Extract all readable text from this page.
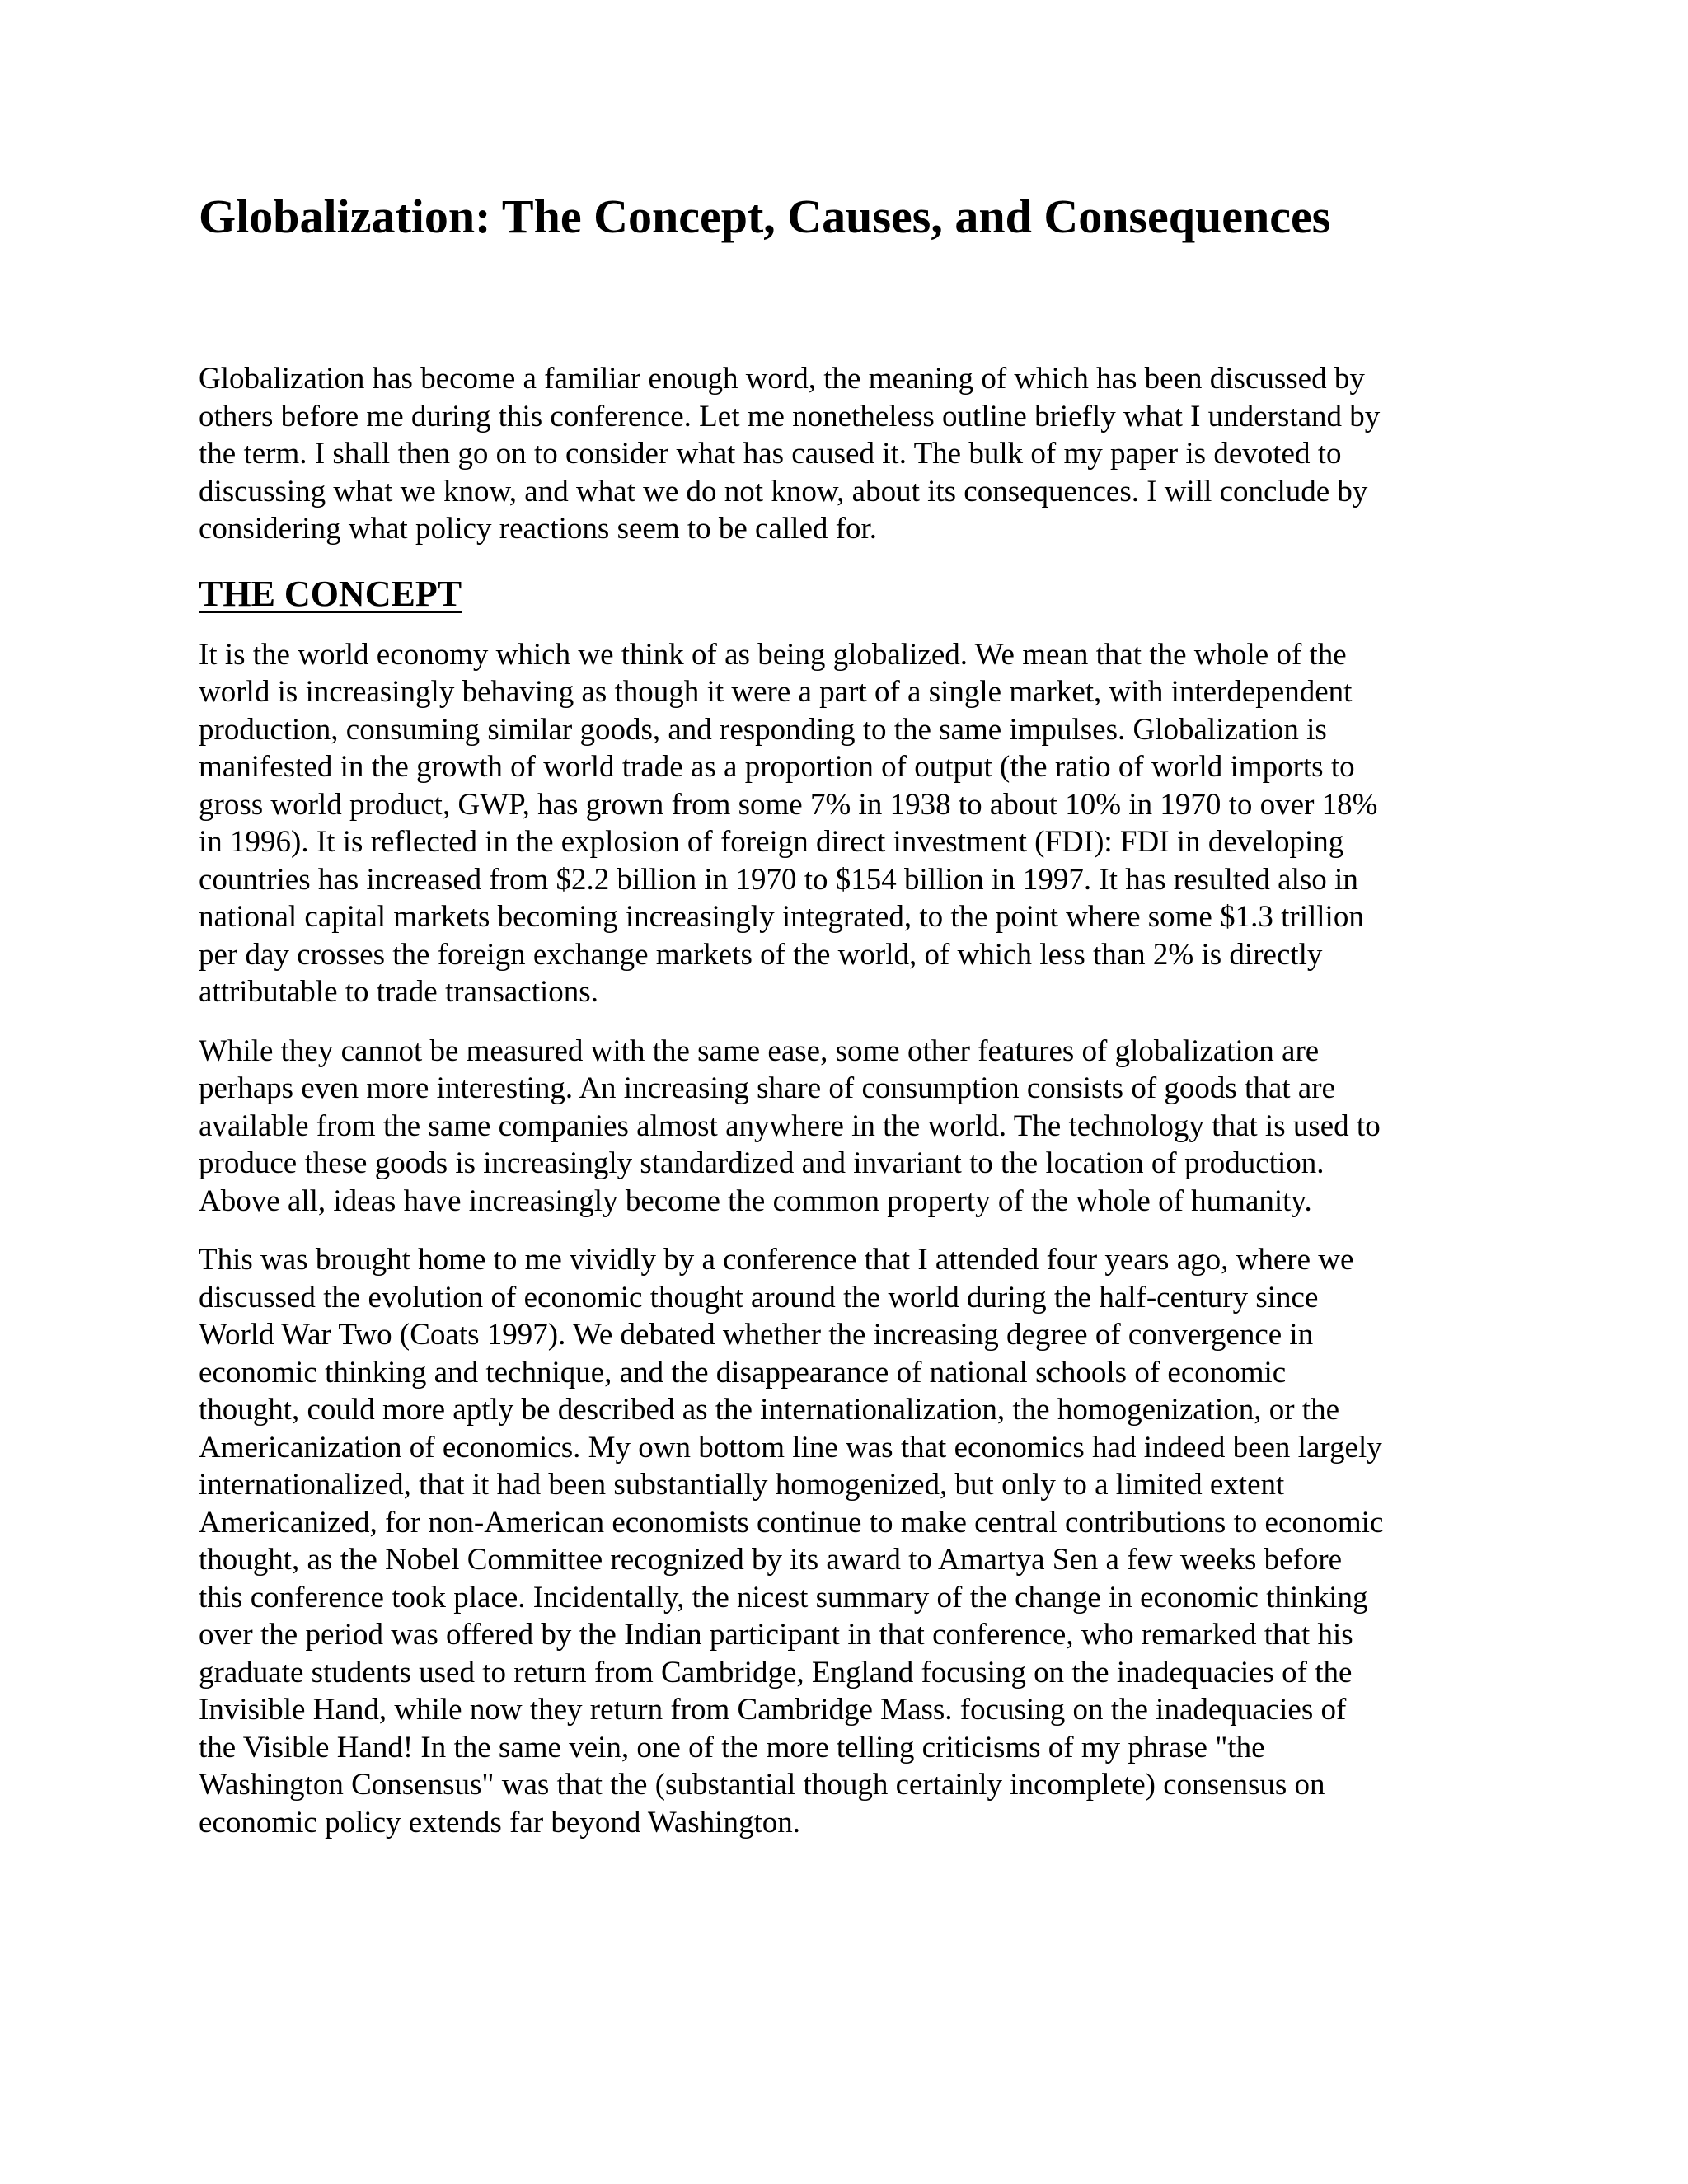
Globalization: The Concept, Causes, and Consequences

Globalization has become a familiar enough word, the meaning of which has been discussed by
others before me during this conference. Let me nonetheless outline briefly what I understand by
the term. I shall then go on to consider what has caused it. The bulk of my paper is devoted to
discussing what we know, and what we do not know, about its consequences. I will conclude by
considering what policy reactions seem to be called for.

THE CONCEPT

It is the world economy which we think of as being globalized. We mean that the whole of the
world is increasingly behaving as though it were a part of a single market, with interdependent
production, consuming similar goods, and responding to the same impulses. Globalization is
manifested in the growth of world trade as a proportion of output (the ratio of world imports to
gross world product, GWP, has grown from some 7% in 1938 to about 10% in 1970 to over 18%
in 1996). It is reflected in the explosion of foreign direct investment (FDI): FDI in developing
countries has increased from $2.2 billion in 1970 to $154 billion in 1997. It has resulted also in
national capital markets becoming increasingly integrated, to the point where some $1.3 trillion
per day crosses the foreign exchange markets of the world, of which less than 2% is directly
attributable to trade transactions.

While they cannot be measured with the same ease, some other features of globalization are
perhaps even more interesting. An increasing share of consumption consists of goods that are
available from the same companies almost anywhere in the world. The technology that is used to
produce these goods is increasingly standardized and invariant to the location of production.
Above all, ideas have increasingly become the common property of the whole of humanity.

This was brought home to me vividly by a conference that I attended four years ago, where we
discussed the evolution of economic thought around the world during the half-century since
World War Two (Coats 1997). We debated whether the increasing degree of convergence in
economic thinking and technique, and the disappearance of national schools of economic
thought, could more aptly be described as the internationalization, the homogenization, or the
Americanization of economics. My own bottom line was that economics had indeed been largely
internationalized, that it had been substantially homogenized, but only to a limited extent
Americanized, for non-American economists continue to make central contributions to economic
thought, as the Nobel Committee recognized by its award to Amartya Sen a few weeks before
this conference took place. Incidentally, the nicest summary of the change in economic thinking
over the period was offered by the Indian participant in that conference, who remarked that his
graduate students used to return from Cambridge, England focusing on the inadequacies of the
Invisible Hand, while now they return from Cambridge Mass. focusing on the inadequacies of
the Visible Hand! In the same vein, one of the more telling criticisms of my phrase "the
Washington Consensus" was that the (substantial though certainly incomplete) consensus on
economic policy extends far beyond Washington.
